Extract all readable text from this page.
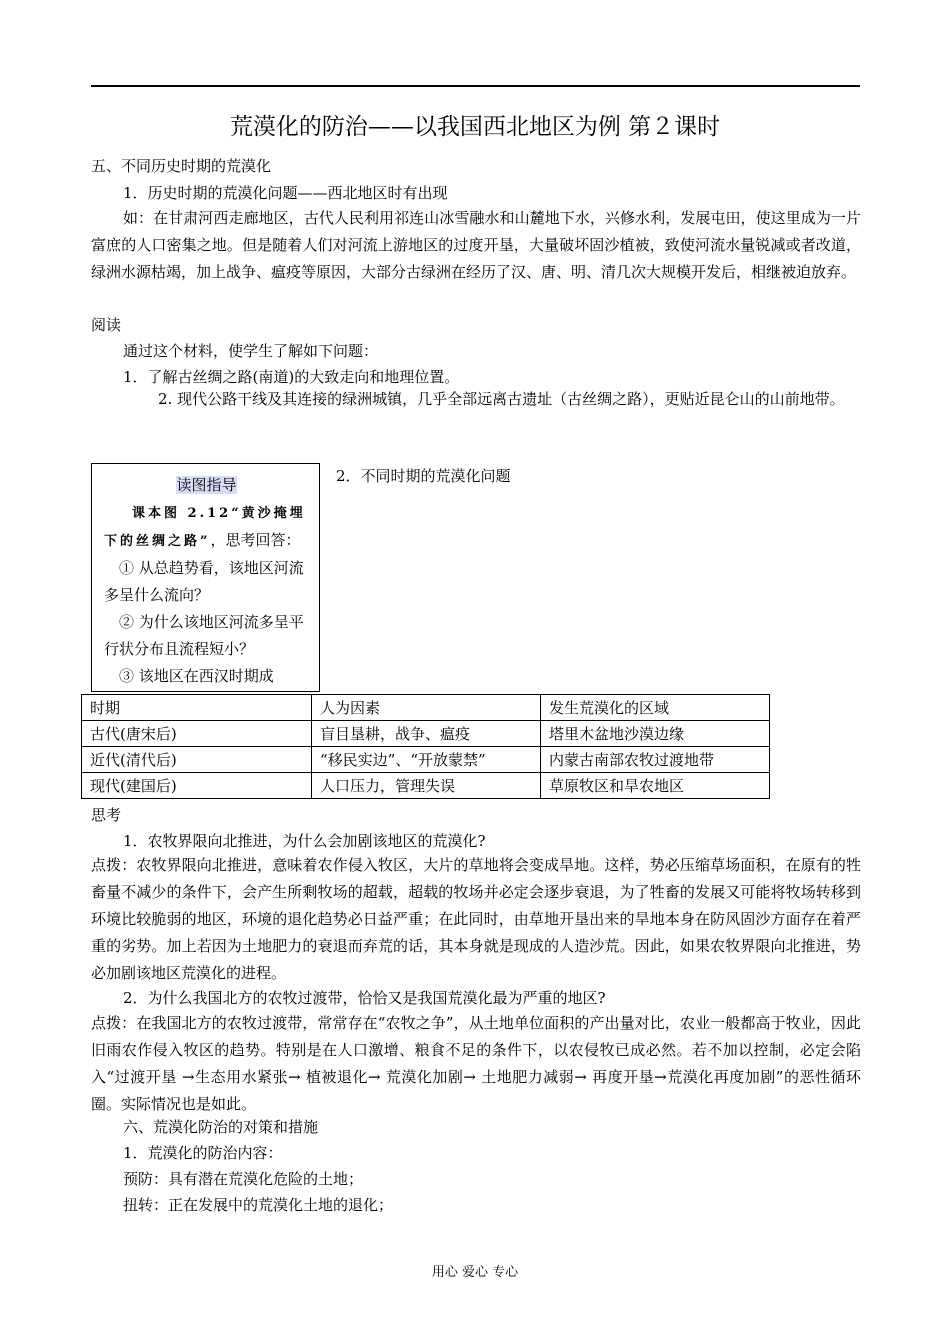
荒漠化的防治——以我国西北地区为例 第２课时
五、不同历史时期的荒漠化
1．历史时期的荒漠化问题——西北地区时有出现
如：在甘肃河西走廊地区，古代人民利用祁连山冰雪融水和山麓地下水，兴修水利，发展屯田，使这里成为一片富庶的人口密集之地。但是随着人们对河流上游地区的过度开垦，大量破坏固沙植被，致使河流水量锐减或者改道，绿洲水源枯竭，加上战争、瘟疫等原因，大部分古绿洲在经历了汉、唐、明、清几次大规模开发后，相继被迫放弃。
阅读
通过这个材料，使学生了解如下问题：
1．了解古丝绸之路(南道)的大致走向和地理位置。
2. 现代公路干线及其连接的绿洲城镇，几乎全部远离古遗址（古丝绸之路），更贴近昆仑山的山前地带。
读图指导
课本图 2.12“黄沙掩埋下的丝绸之路”，思考回答：
① 从总趋势看，该地区河流多呈什么流向？
② 为什么该地区河流多呈平行状分布且流程短小？
③ 该地区在西汉时期成
2．不同时期的荒漠化问题
时期	人为因素	发生荒漠化的区域
古代(唐宋后)	盲目垦耕，战争、瘟疫	塔里木盆地沙漠边缘
近代(清代后)	“移民实边”、“开放蒙禁”	内蒙古南部农牧过渡地带
现代(建国后)	人口压力，管理失误	草原牧区和旱农地区
思考
1．农牧界限向北推进，为什么会加剧该地区的荒漠化?
点拨：农牧界限向北推进，意味着农作侵入牧区，大片的草地将会变成旱地。这样，势必压缩草场面积，在原有的牲畜量不减少的条件下，会产生所剩牧场的超载，超载的牧场并必定会逐步衰退，为了牲畜的发展又可能将牧场转移到环境比较脆弱的地区，环境的退化趋势必日益严重；在此同时，由草地开垦出来的旱地本身在防风固沙方面存在着严重的劣势。加上若因为土地肥力的衰退而弃荒的话，其本身就是现成的人造沙荒。因此，如果农牧界限向北推进，势必加剧该地区荒漠化的进程。
2．为什么我国北方的农牧过渡带，恰恰又是我国荒漠化最为严重的地区?
点拨：在我国北方的农牧过渡带，常常存在“农牧之争”，从土地单位面积的产出量对比，农业一般都高于牧业，因此旧雨农作侵入牧区的趋势。特别是在人口激增、粮食不足的条件下，以农侵牧已成必然。若不加以控制，必定会陷入“过渡开垦 →生态用水紧张→ 植被退化→ 荒漠化加剧→ 土地肥力减弱→ 再度开垦→荒漠化再度加剧”的恶性循环圈。实际情况也是如此。
六、荒漠化防治的对策和措施
1．荒漠化的防治内容：
预防：具有潜在荒漠化危险的土地；
扭转：正在发展中的荒漠化土地的退化；
用心 爱心 专心
